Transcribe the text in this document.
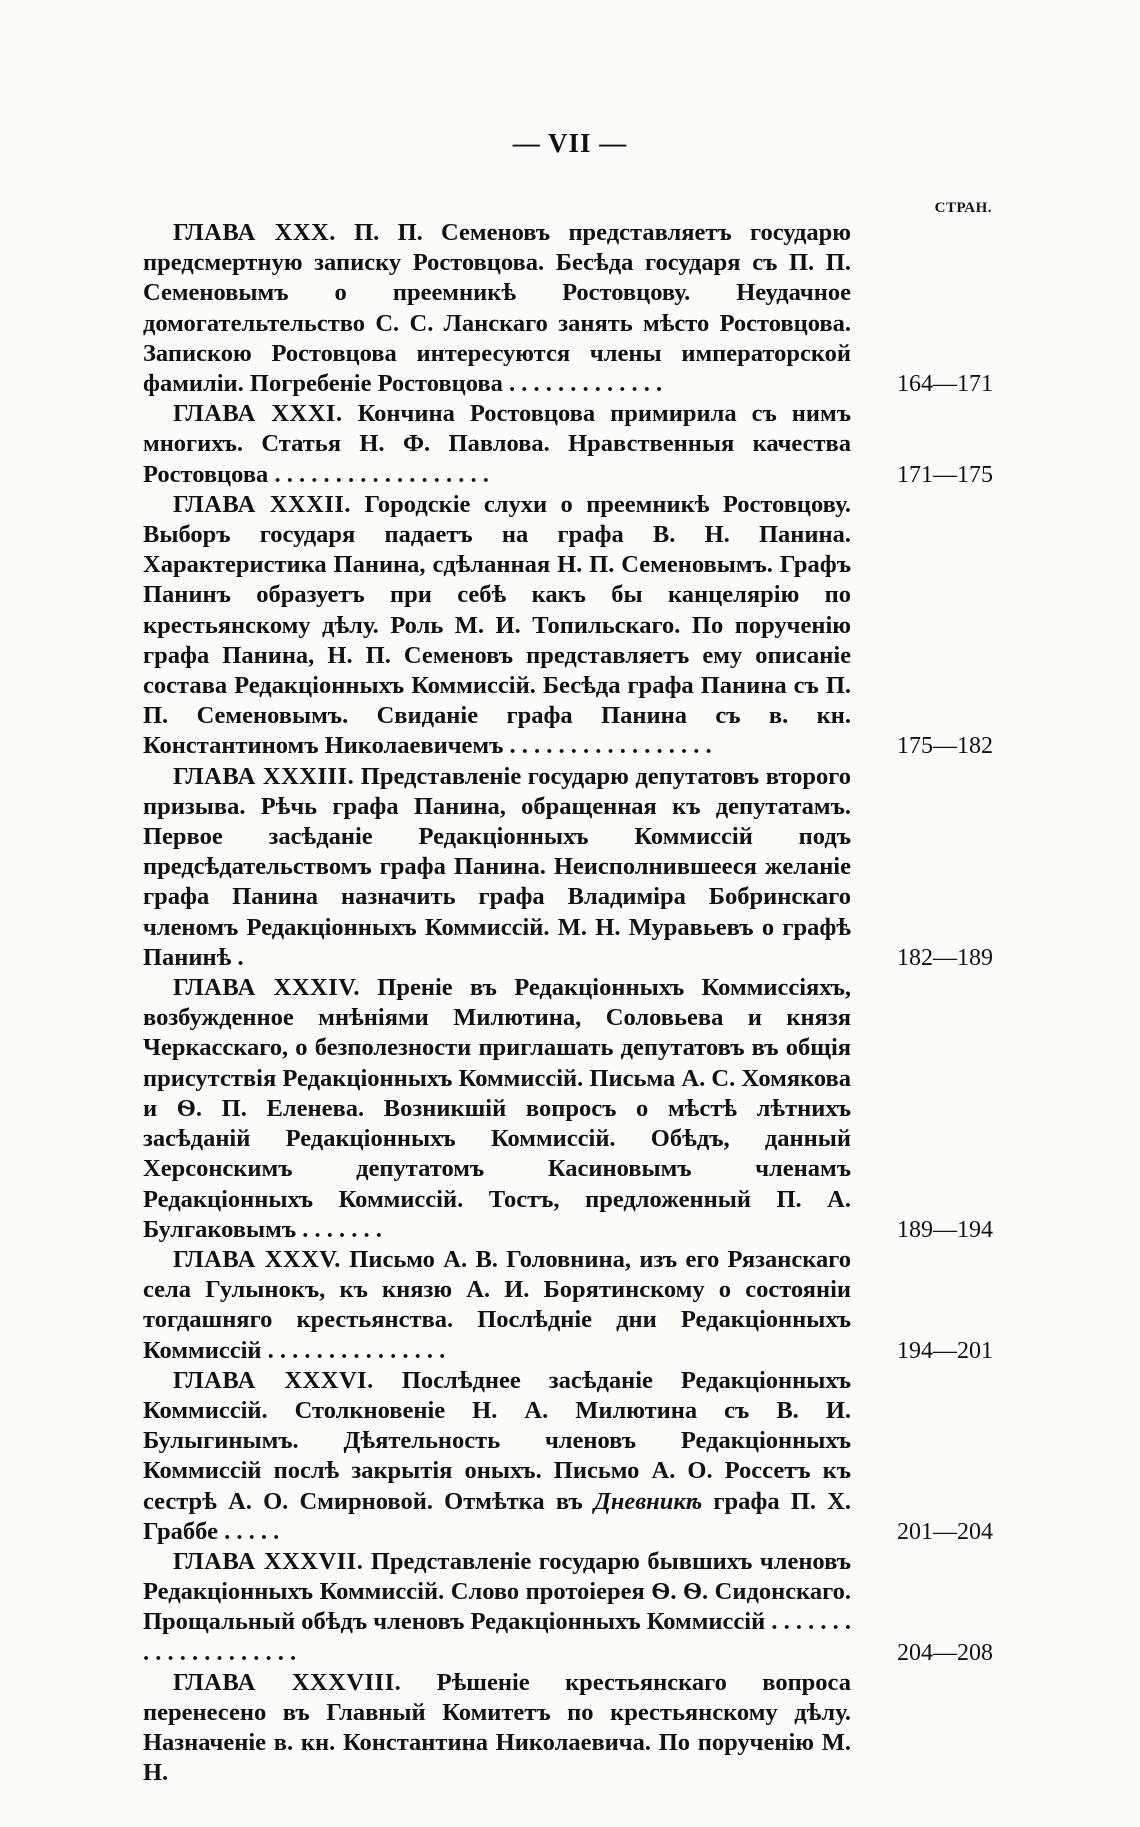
— VII —
СТРАН.
ГЛАВА XXX. П. П. Семеновъ представляетъ государю предсмертную записку Ростовцова. Бесѣда государя съ П. П. Семеновымъ о преемникѣ Ростовцову. Неудачное домогательтельство С. С. Ланскаго занять мѣсто Ростовцова. Запискою Ростовцова интересуются члены императорской фамиліи. Погребеніе Ростовцова . . . . . . . . . . . . .	164—171
ГЛАВА XXXI. Кончина Ростовцова примирила съ нимъ многихъ. Статья Н. Ф. Павлова. Нравственныя качества Ростовцова . . . . . . . . . . . . . . . . . .	171—175
ГЛАВА XXXII. Городскіе слухи о преемникѣ Ростовцову. Выборъ государя падаетъ на графа В. Н. Панина. Характеристика Панина, сдѣланная Н. П. Семеновымъ. Графъ Панинъ образуетъ при себѣ какъ бы канцелярію по крестьянскому дѣлу. Роль М. И. Топильскаго. По порученію графа Панина, Н. П. Семеновъ представляетъ ему описаніе состава Редакціонныхъ Коммиссій. Бесѣда графа Панина съ П. П. Семеновымъ. Свиданіе графа Панина съ в. кн. Константиномъ Николаевичемъ . . . . . . . . . . . . . . . . .	175—182
ГЛАВА XXXIII. Представленіе государю депутатовъ второго призыва. Рѣчь графа Панина, обращенная къ депутатамъ. Первое засѣданіе Редакціонныхъ Коммиссій подъ предсѣдательствомъ графа Панина. Неисполнившееся желаніе графа Панина назначить графа Владиміра Бобринскаго членомъ Редакціонныхъ Коммиссій. М. Н. Муравьевъ о графѣ Панинѣ .	182—189
ГЛАВА XXXIV. Преніе въ Редакціонныхъ Коммиссіяхъ, возбужденное мнѣніями Милютина, Соловьева и князя Черкасскаго, о безполезности приглашать депутатовъ въ общія присутствія Редакціонныхъ Коммиссій. Письма А. С. Хомякова и Ѳ. П. Еленева. Возникшій вопросъ о мѣстѣ лѣтнихъ засѣданій Редакціонныхъ Коммиссій. Обѣдъ, данный Херсонскимъ депутатомъ Касиновымъ членамъ Редакціонныхъ Коммиссій. Тостъ, предложенный П. А. Булгаковымъ . . . . . . .	189—194
ГЛАВА XXXV. Письмо А. В. Головнина, изъ его Рязанскаго села Гулынокъ, къ князю А. И. Борятинскому о состояніи тогдашняго крестьянства. Послѣдніе дни Редакціонныхъ Коммиссій . . . . . . . . . . . . . . .	194—201
ГЛАВА XXXVI. Послѣднее засѣданіе Редакціонныхъ Коммиссій. Столкновеніе Н. А. Милютина съ В. И. Булыгинымъ. Дѣятельность членовъ Редакціонныхъ Коммиссій послѣ закрытія оныхъ. Письмо А. О. Россетъ къ сестрѣ А. О. Смирновой. Отмѣтка въ Дневникѣ графа П. Х. Граббе . . . . .	201—204
ГЛАВА XXXVII. Представленіе государю бывшихъ членовъ Редакціонныхъ Коммиссій. Слово протоіерея Ѳ. Ѳ. Сидонскаго. Прощальный обѣдъ членовъ Редакціонныхъ Коммиссій . . . . . . . . . . . . . . . . . . . .	204—208
ГЛАВА XXXVIII. Рѣшеніе крестьянскаго вопроса перенесено въ Главный Комитетъ по крестьянскому дѣлу. Назначеніе в. кн. Константина Николаевича. По порученію М. Н.
